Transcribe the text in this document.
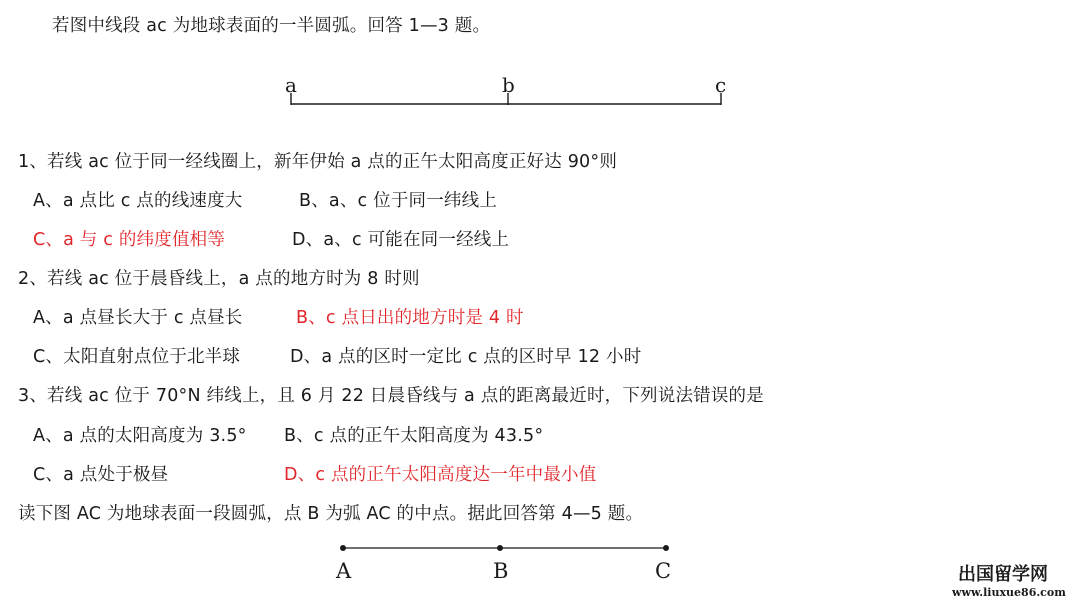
若图中线段 ac 为地球表面的一半圆弧。回答 1—3 题。
a	b	c
A	B	C	出国留学网
www.liuxue86.com
1、若线 ac 位于同一经线圈上，新年伊始 a 点的正午太阳高度正好达 90°则
A、a 点比 c 点的线速度大	B、a、c 位于同一纬线上
C、a 与 c 的纬度值相等	D、a、c 可能在同一经线上
2、若线 ac 位于晨昏线上，a 点的地方时为 8 时则
A、a 点昼长大于 c 点昼长	B、c 点日出的地方时是 4 时
C、太阳直射点位于北半球	D、a 点的区时一定比 c 点的区时早 12 小时
3、若线 ac 位于 70°N 纬线上，且 6 月 22 日晨昏线与 a 点的距离最近时，下列说法错误的是
A、a 点的太阳高度为 3.5° B、c 点的正午太阳高度为 43.5°
C、a 点处于极昼	D、c 点的正午太阳高度达一年中最小值
读下图 AC 为地球表面一段圆弧，点 B 为弧 AC 的中点。据此回答第 4—5 题。
